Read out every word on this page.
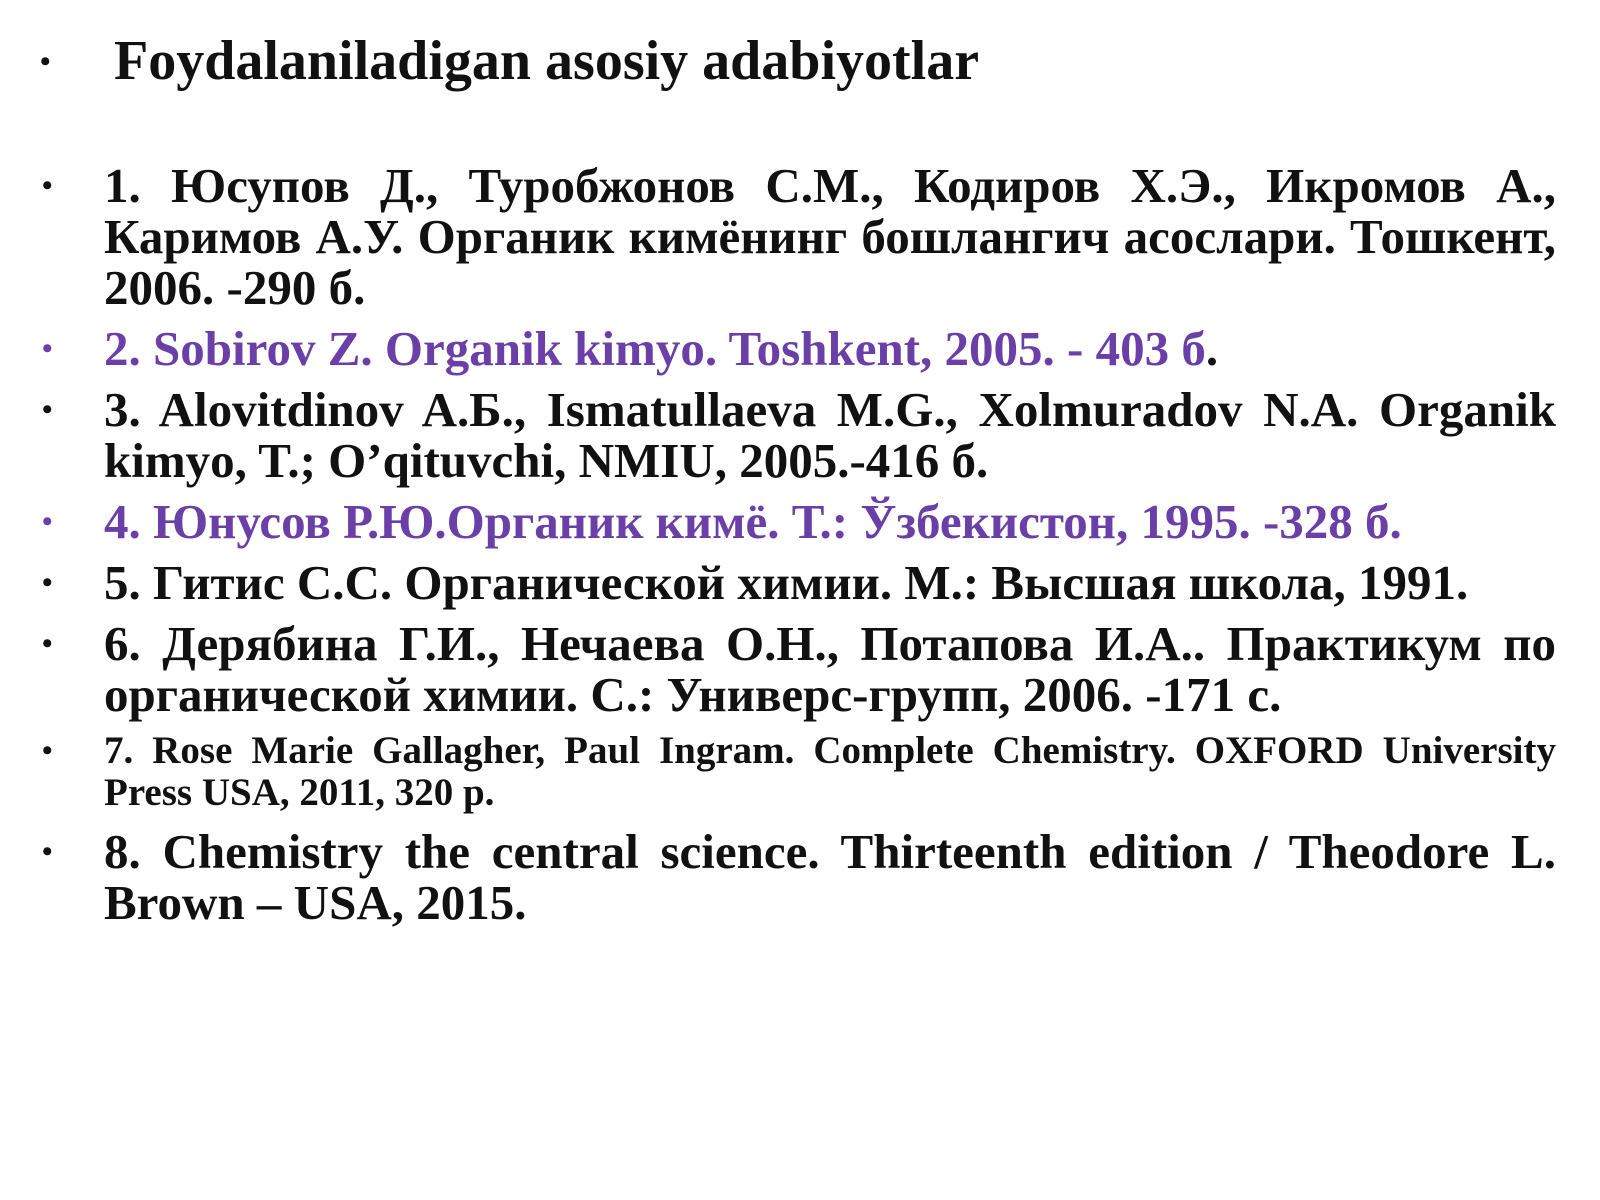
• Foydalaniladigan asosiy adabiyotlar
• 1. Юсупов Д., Туробжонов С.М., Кодиров Х.Э., Икромов А., Каримов А.У. Органик кимёнинг бошлангич асослари. Тошкент, 2006. -290 б.
• 2. Sobirov Z. Organik kimyo. Toshkent, 2005. - 403 б.
• 3. Alovitdinov A.Б., Ismatullaeva M.G., Xolmuradov N.A. Organik kimyo, T.; O’qituvchi, NMIU, 2005.-416 б.
• 4. Юнусов Р.Ю.Органик кимё. Т.: Ўзбекистон, 1995. -328 б.
• 5. Гитис С.С. Органической химии. М.: Высшая школа, 1991.
• 6. Дерябина Г.И., Нечаева О.Н., Потапова И.А.. Практикум по органической химии. С.: Универс-групп, 2006. -171 с.
• 7. Rose Marie Gallagher, Paul Ingram. Complete Chemistry. OXFORD University Press USA, 2011, 320 p.
• 8. Chemistry the central science. Thirteenth edition / Theodore L. Brown – USA, 2015.
